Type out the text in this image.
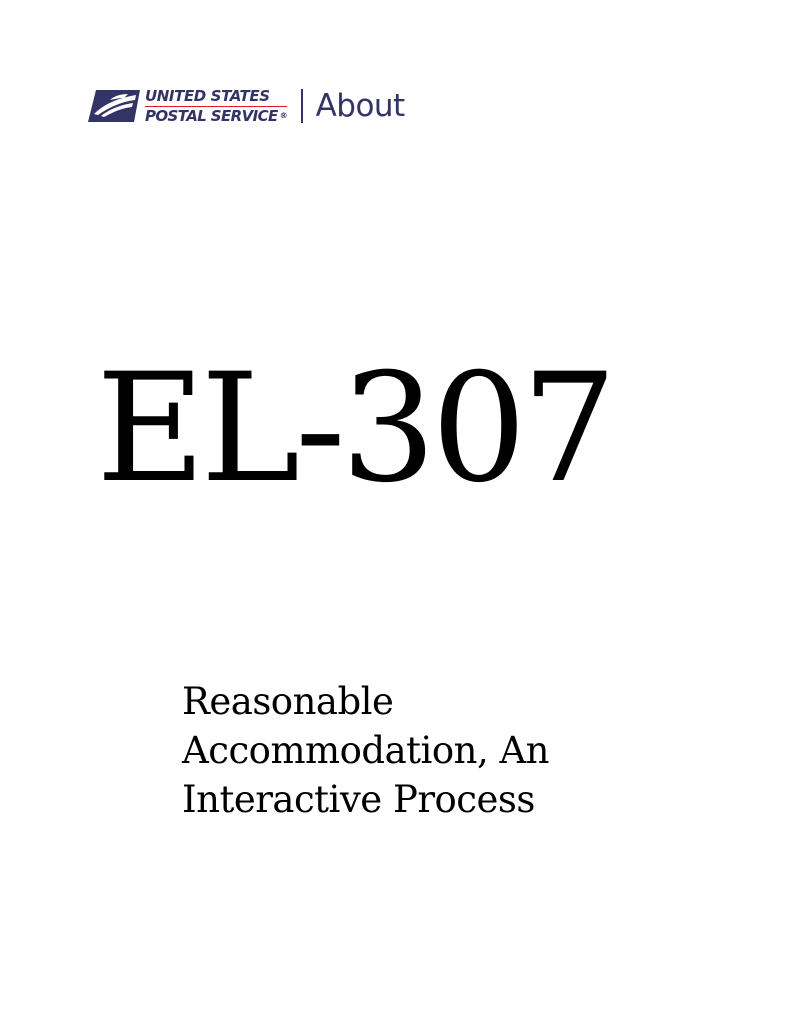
UNITED STATES
POSTAL SERVICE ® About
EL-307
Reasonable
Accommodation, An
Interactive Process
